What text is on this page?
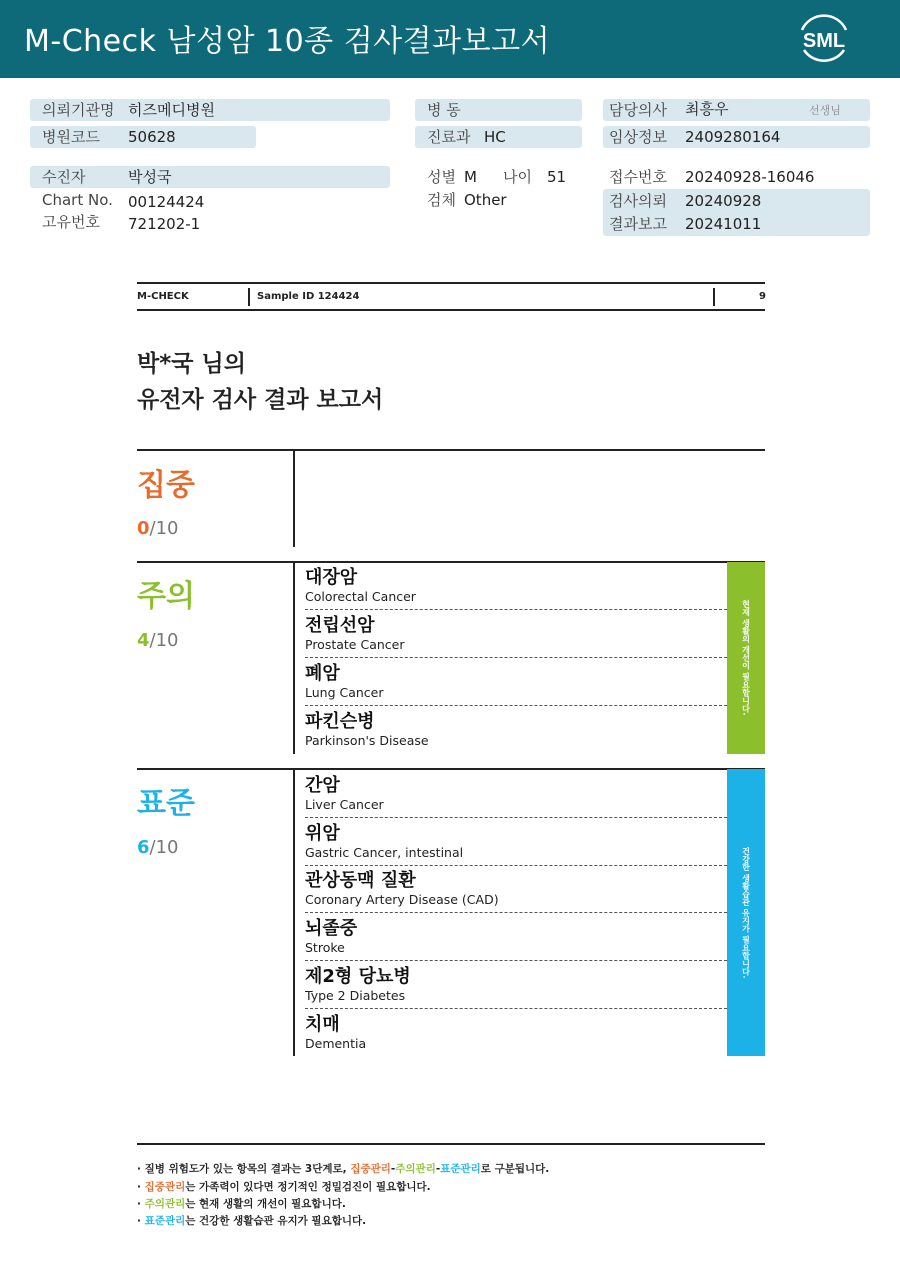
M-Check 남성암 10종 검사결과보고서	SML
의뢰기관명 히즈메디병원
병원코드 50628
수진자	박성국
Chart No. 00124424
고유번호 721202-1
병 동
진료과 HC
성별 M 나이 51
검체 Other
담당의사 최흥우	선생님
임상정보 2409280164
접수번호 20240928-16046
검사의뢰 20240928
결과보고 20241011
M-CHECK	Sample ID 124424	9
박*국 님의
유전자 검사 결과 보고서
집중
0/10
주의
4/10
대장암
Colorectal Cancer
전립선암
Prostate Cancer
폐암
Lung Cancer
파킨슨병
Parkinson's Disease
현재 생활의 개선이 필요합니다.
표준
6/10
간암
Liver Cancer
위암
Gastric Cancer, intestinal
관상동맥 질환
Coronary Artery Disease (CAD)
뇌졸중
Stroke
제2형 당뇨병
Type 2 Diabetes
치매
Dementia
건강한 생활습관 유지가 필요합니다.
· 질병 위험도가 있는 항목의 결과는 3단계로, 집중관리-주의관리-표준관리로 구분됩니다.
· 집중관리는 가족력이 있다면 정기적인 정밀검진이 필요합니다.
· 주의관리는 현재 생활의 개선이 필요합니다.
· 표준관리는 건강한 생활습관 유지가 필요합니다.
